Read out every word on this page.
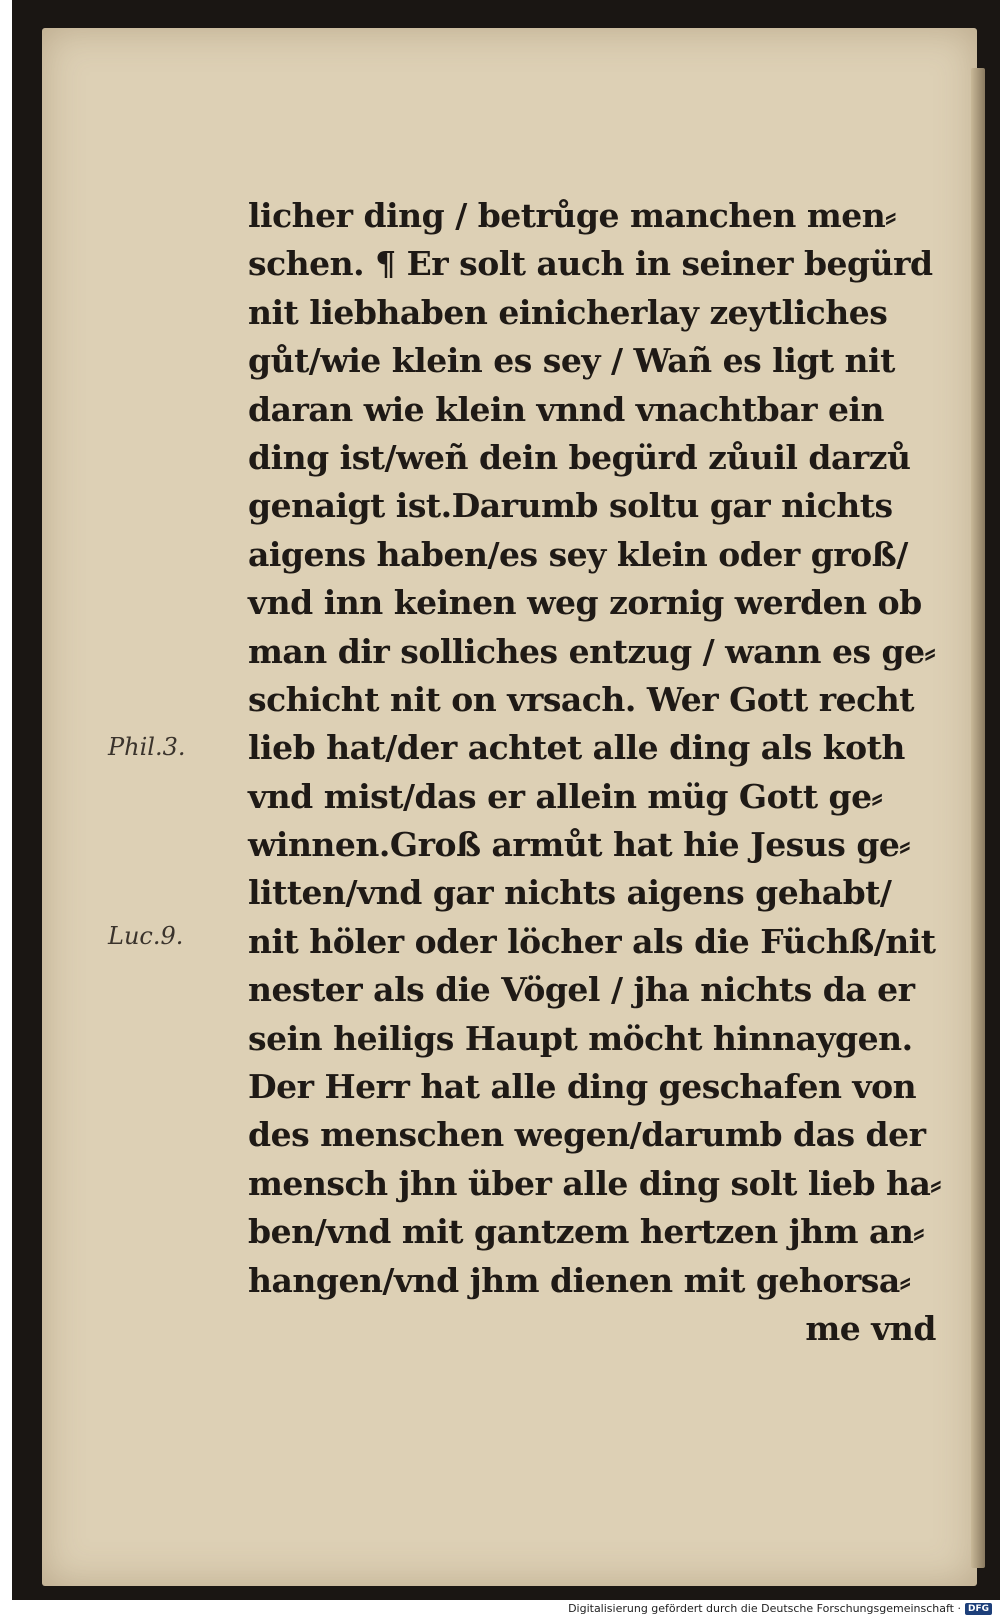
licher ding / betrůge manchen men⸗
schen. ¶ Er solt auch in seiner begürd
nit liebhaben einicherlay zeytliches
gůt/wie klein es sey / Wañ es ligt nit
daran wie klein vnnd vnachtbar ein
ding ist/weñ dein begürd zůuil darzů
genaigt ist.Darumb soltu gar nichts
aigens haben/es sey klein oder groß/
vnd inn keinen weg zornig werden ob
man dir solliches entzug / wann es ge⸗
schicht nit on vrsach. Wer Gott recht
lieb hat/der achtet alle ding als koth
vnd mist/das er allein müg Gott ge⸗
winnen.Groß armůt hat hie Jesus ge⸗
litten/vnd gar nichts aigens gehabt/
nit höler oder löcher als die Füchß/nit
nester als die Vögel / jha nichts da er
sein heiligs Haupt möcht hinnaygen.
Der Herr hat alle ding geschafen von
des menschen wegen/darumb das der
mensch jhn über alle ding solt lieb ha⸗
ben/vnd mit gantzem hertzen jhm an⸗
hangen/vnd jhm dienen mit gehorsa⸗
me vnd
Phil.3.
Luc.9.
Digitalisierung gefördert durch die Deutsche Forschungsgemeinschaft · DFG
